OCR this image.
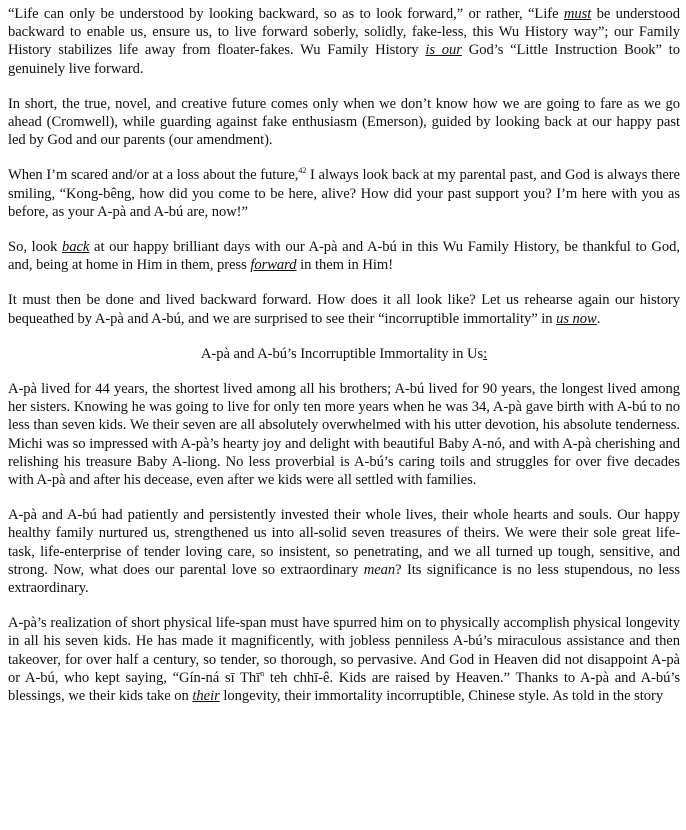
“Life can only be understood by looking backward, so as to look forward,” or rather, “Life must be understood backward to enable us, ensure us, to live forward soberly, solidly, fake-less, this Wu History way”; our Family History stabilizes life away from floater-fakes. Wu Family History is our God’s “Little Instruction Book” to genuinely live forward.

In short, the true, novel, and creative future comes only when we don’t know how we are going to fare as we go ahead (Cromwell), while guarding against fake enthusiasm (Emerson), guided by looking back at our happy past led by God and our parents (our amendment).

When I’m scared and/or at a loss about the future,$^{42}$ I always look back at my parental past, and God is always there smiling, “Kong-bêng, how did you come to be here, alive? How did your past support you? I’m here with you as before, as your A-pà and A-bú are, now!”

So, look back at our happy brilliant days with our A-pà and A-bú in this Wu Family History, be thankful to God, and, being at home in Him in them, press forward in them in Him!

It must then be done and lived backward forward. How does it all look like? Let us rehearse again our history bequeathed by A-pà and A-bú, and we are surprised to see their “incorruptible immortality” in us now.

A-pà and A-bú’s Incorruptible Immortality in Us:

A-pà lived for 44 years, the shortest lived among all his brothers; A-bú lived for 90 years, the longest lived among her sisters. Knowing he was going to live for only ten more years when he was 34, A-pà gave birth with A-bú to no less than seven kids. We their seven are all absolutely overwhelmed with his utter devotion, his absolute tenderness. Michi was so impressed with A-pà’s hearty joy and delight with beautiful Baby A-nó, and with A-pà cherishing and relishing his treasure Baby A-liong. No less proverbial is A-bú’s caring toils and struggles for over five decades with A-pà and after his decease, even after we kids were all settled with families.

A-pà and A-bú had patiently and persistently invested their whole lives, their whole hearts and souls. Our happy healthy family nurtured us, strengthened us into all-solid seven treasures of theirs. We were their sole great life-task, life-enterprise of tender loving care, so insistent, so penetrating, and we all turned up tough, sensitive, and strong. Now, what does our parental love so extraordinary mean? Its significance is no less stupendous, no less extraordinary.

A-pà’s realization of short physical life-span must have spurred him on to physically accomplish physical longevity in all his seven kids. He has made it magnificently, with jobless penniless A-bú’s miraculous assistance and then takeover, for over half a century, so tender, so thorough, so pervasive. And God in Heaven did not disappoint A-pà or A-bú, who kept saying, “Gín-ná sī Thī$^n$ teh chhī-ê. Kids are raised by Heaven.” Thanks to A-pà and A-bú’s blessings, we their kids take on their longevity, their immortality incorruptible, Chinese style. As told in the story
